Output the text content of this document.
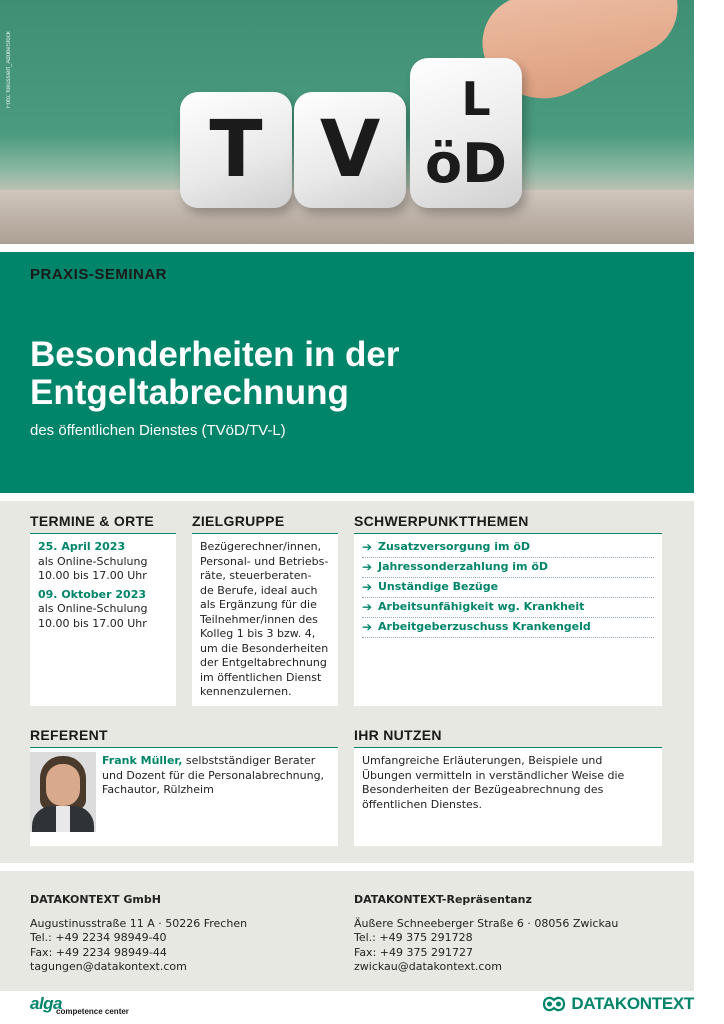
Foto: fokussiert_AdobeStock
T V
L
öD
PRAXIS-SEMINAR
Besonderheiten in der
Entgeltabrechnung
des öffentlichen Dienstes (TVöD/TV-L)
TERMINE & ORTE
25. April 2023
als Online-Schulung
10.00 bis 17.00 Uhr
09. Oktober 2023
als Online-Schulung
10.00 bis 17.00 Uhr
ZIELGRUPPE
Bezügerechner/innen,
Personal- und Betriebs-
räte, steuerberaten-
de Berufe, ideal auch
als Ergänzung für die
Teilnehmer/innen des
Kolleg 1 bis 3 bzw. 4,
um die Besonderheiten
der Entgeltabrechnung
im öffentlichen Dienst
kennenzulernen.
SCHWERPUNKTTHEMEN
➔ Zusatzversorgung im öD
➔ Jahressonderzahlung im öD
➔ Unständige Bezüge
➔ Arbeitsunfähigkeit wg. Krankheit
➔ Arbeitgeberzuschuss Krankengeld
REFERENT
Frank Müller, selbstständiger Berater
und Dozent für die Personalabrechnung,
Fachautor, Rülzheim
IHR NUTZEN
Umfangreiche Erläuterungen, Beispiele und
Übungen vermitteln in verständlicher Weise die
Besonderheiten der Bezügeabrechnung des
öffentlichen Dienstes.
DATAKONTEXT GmbH
Augustinusstraße 11 A · 50226 Frechen
Tel.: +49 2234 98949-40
Fax: +49 2234 98949-44
tagungen@datakontext.com
DATAKONTEXT-Repräsentanz
Äußere Schneeberger Straße 6 · 08056 Zwickau
Tel.: +49 375 291728
Fax: +49 375 291727
zwickau@datakontext.com
alga
competence center	DATAKONTEXT
